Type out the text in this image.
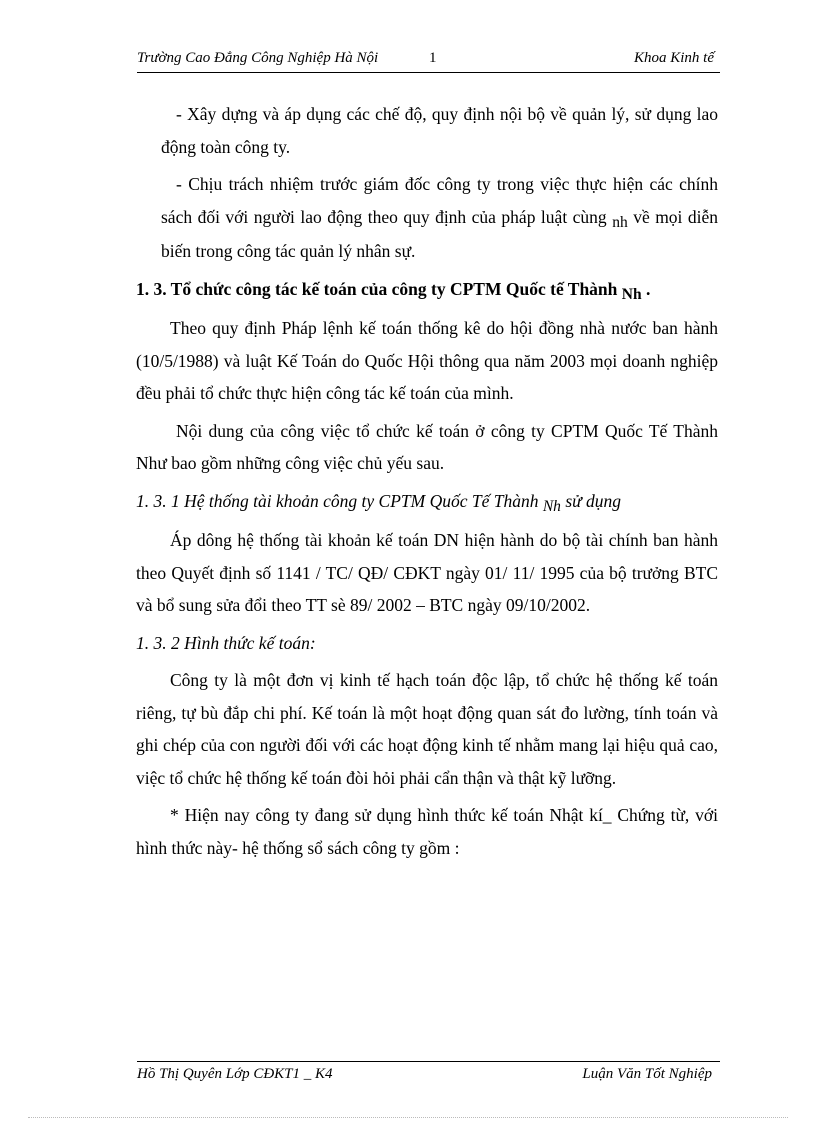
Trường Cao Đẳng Công Nghiệp Hà Nội	1	Khoa Kinh tế

- Xây dựng và áp dụng các chế độ, quy định nội bộ về quản lý, sử dụng lao động toàn công ty.

- Chịu trách nhiệm trước giám đốc công ty trong việc thực hiện các chính sách đối với người lao động theo quy định của pháp luật cùng nh về mọi diễn biến trong công tác quản lý nhân sự.

1. 3. Tổ chức công tác kế toán của công ty CPTM Quốc tế Thành Nh .

Theo quy định Pháp lệnh kế toán thống kê do hội đồng nhà nước ban hành (10/5/1988) và luật Kế Toán do Quốc Hội thông qua năm 2003 mọi doanh nghiệp đều phải tổ chức thực hiện công tác kế toán của mình.

Nội dung của công việc tổ chức kế toán ở công ty CPTM Quốc Tế Thành Như bao gồm những công việc chủ yếu sau.

1. 3. 1 Hệ thống tài khoản công ty CPTM Quốc Tế Thành Nh sử dụng

Áp dông hệ thống tài khoản kế toán DN hiện hành do bộ tài chính ban hành theo Quyết định số 1141 / TC/ QĐ/ CĐKT ngày 01/ 11/ 1995 của bộ trưởng BTC và bổ sung sửa đổi theo TT sè 89/ 2002 – BTC ngày 09/10/2002.

1. 3. 2 Hình thức kế toán:

Công ty là một đơn vị kinh tế hạch toán độc lập, tổ chức hệ thống kế toán riêng, tự bù đắp chi phí. Kế toán là một hoạt động quan sát đo lường, tính toán và ghi chép của con người đối với các hoạt động kinh tế nhằm mang lại hiệu quả cao, việc tổ chức hệ thống kế toán đòi hỏi phải cẩn thận và thật kỹ lưỡng.

* Hiện nay công ty đang sử dụng hình thức kế toán Nhật kí_ Chứng từ, với hình thức này- hệ thống sổ sách công ty gồm :

Hồ Thị Quyên Lớp CĐKT1 _ K4	Luận Văn Tốt Nghiệp
